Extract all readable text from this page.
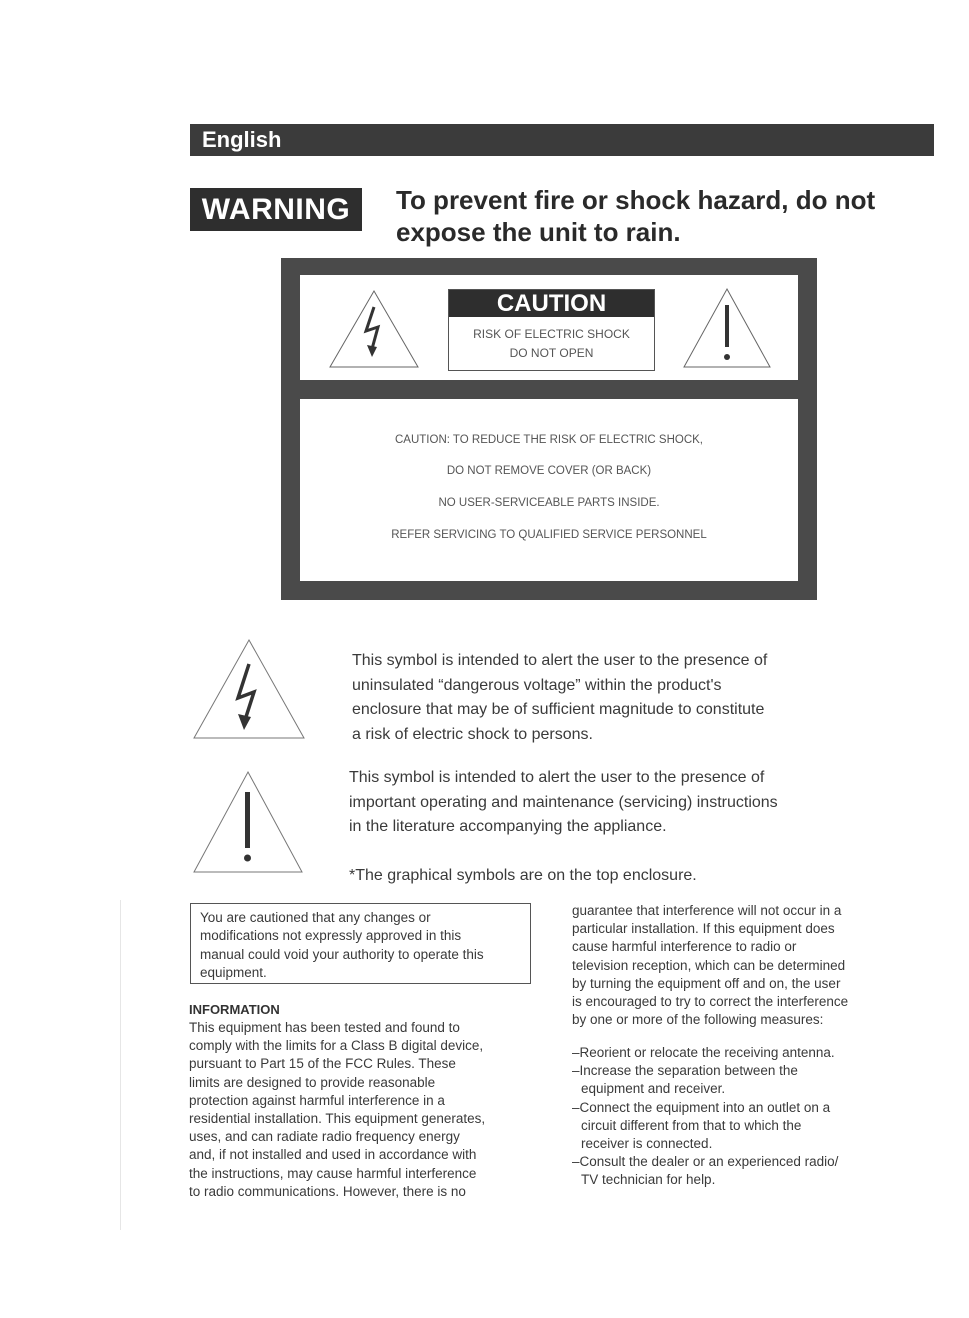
English
WARNING	To prevent fire or shock hazard, do not
expose the unit to rain.
CAUTION
RISK OF ELECTRIC SHOCK
DO NOT OPEN
CAUTION: TO REDUCE THE RISK OF ELECTRIC SHOCK,
DO NOT REMOVE COVER (OR BACK)
NO USER-SERVICEABLE PARTS INSIDE.
REFER SERVICING TO QUALIFIED SERVICE PERSONNEL
This symbol is intended to alert the user to the presence of
uninsulated “dangerous voltage” within the product's
enclosure that may be of sufficient magnitude to constitute
a risk of electric shock to persons.
This symbol is intended to alert the user to the presence of
important operating and maintenance (servicing) instructions
in the literature accompanying the appliance.
*The graphical symbols are on the top enclosure.
You are cautioned that any changes or
modifications not expressly approved in this
manual could void your authority to operate this
equipment.
INFORMATION
This equipment has been tested and found to
comply with the limits for a Class B digital device,
pursuant to Part 15 of the FCC Rules. These
limits are designed to provide reasonable
protection against harmful interference in a
residential installation. This equipment generates,
uses, and can radiate radio frequency energy
and, if not installed and used in accordance with
the instructions, may cause harmful interference
to radio communications. However, there is no
guarantee that interference will not occur in a
particular installation. If this equipment does
cause harmful interference to radio or
television reception, which can be determined
by turning the equipment off and on, the user
is encouraged to try to correct the interference
by one or more of the following measures:
–Reorient or relocate the receiving antenna.
–Increase the separation between the
equipment and receiver.
–Connect the equipment into an outlet on a
circuit different from that to which the
receiver is connected.
–Consult the dealer or an experienced radio/
TV technician for help.
